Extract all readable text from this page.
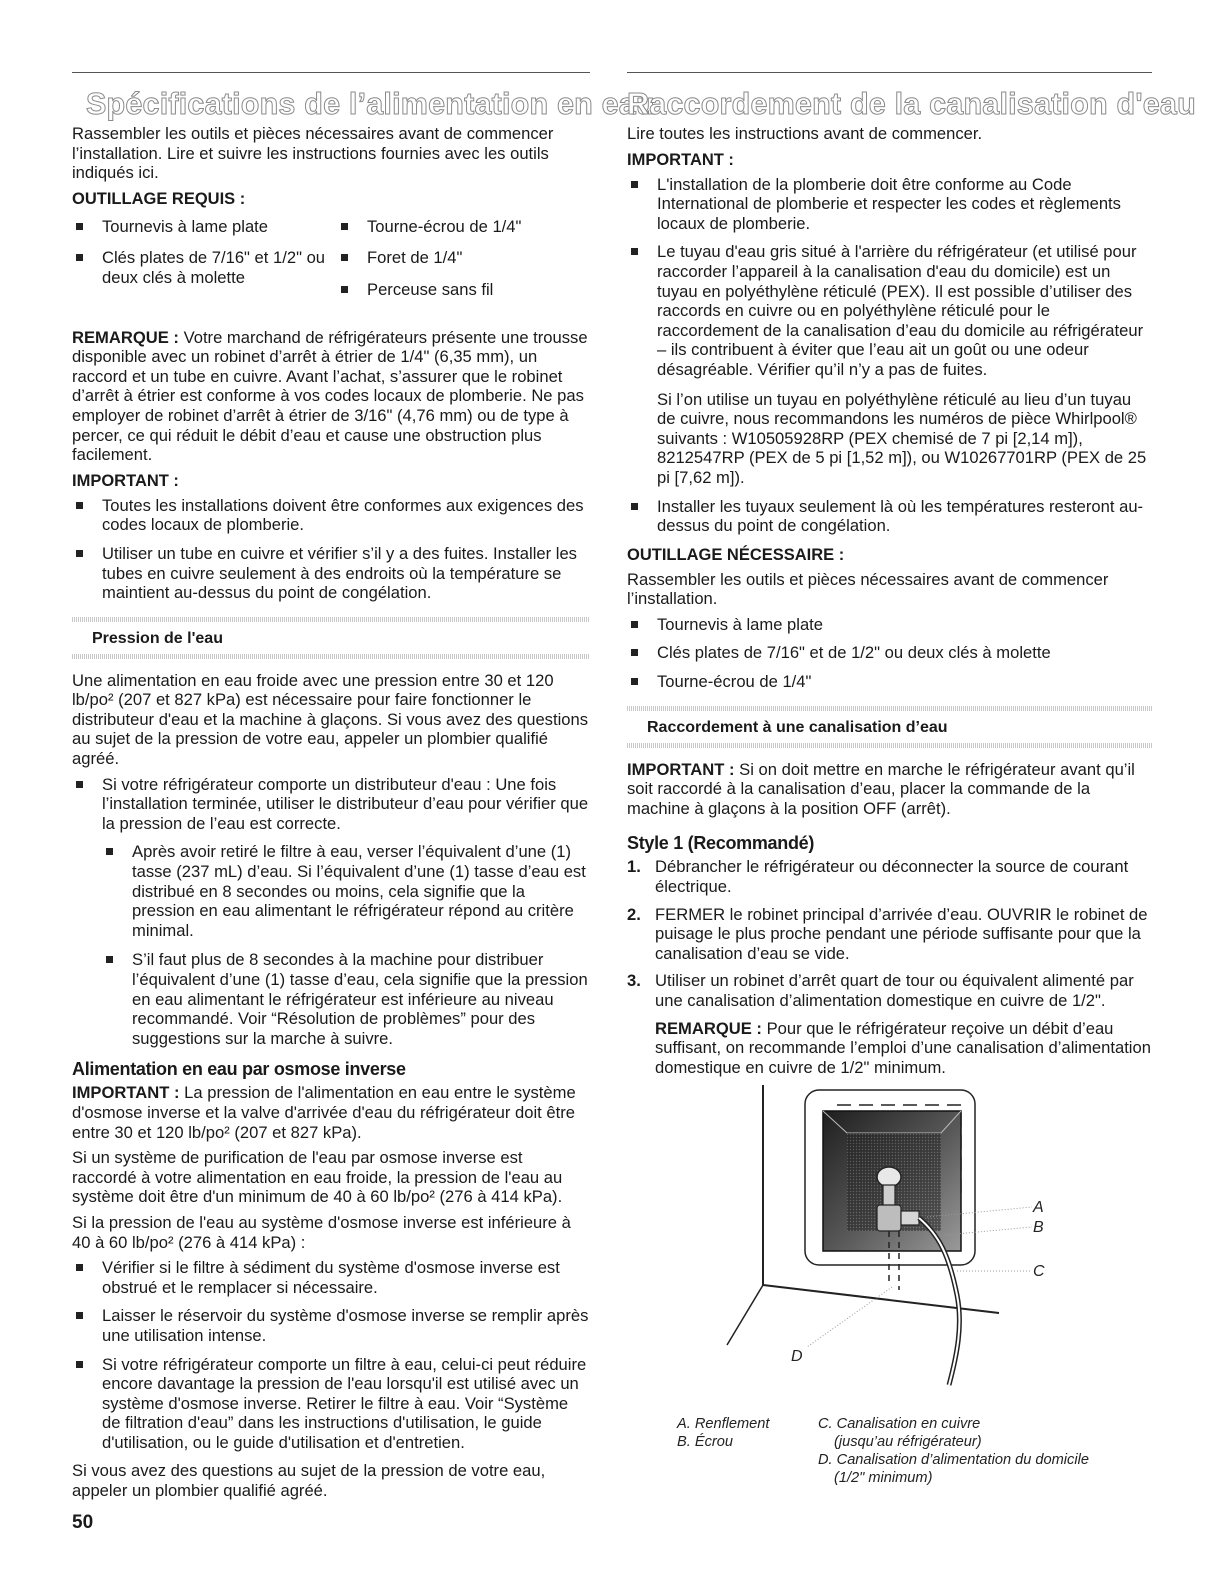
Spécifications de l’alimentation en eau

Rassembler les outils et pièces nécessaires avant de commencer l’installation. Lire et suivre les instructions fournies avec les outils indiqués ici.

OUTILLAGE REQUIS :
Tournevis à lame plate
Clés plates de 7/16" et 1/2" ou deux clés à molette
Tourne-écrou de 1/4"
Foret de 1/4"
Perceuse sans fil

REMARQUE : Votre marchand de réfrigérateurs présente une trousse disponible avec un robinet d’arrêt à étrier de 1/4" (6,35 mm), un raccord et un tube en cuivre. Avant l’achat, s’assurer que le robinet d’arrêt à étrier est conforme à vos codes locaux de plomberie. Ne pas employer de robinet d’arrêt à étrier de 3/16" (4,76 mm) ou de type à percer, ce qui réduit le débit d’eau et cause une obstruction plus facilement.

IMPORTANT :
Toutes les installations doivent être conformes aux exigences des codes locaux de plomberie.
Utiliser un tube en cuivre et vérifier s’il y a des fuites. Installer les tubes en cuivre seulement à des endroits où la température se maintient au-dessus du point de congélation.
Pression de l'eau

Une alimentation en eau froide avec une pression entre 30 et 120 lb/po² (207 et 827 kPa) est nécessaire pour faire fonctionner le distributeur d'eau et la machine à glaçons. Si vous avez des questions au sujet de la pression de votre eau, appeler un plombier qualifié agréé.

Si votre réfrigérateur comporte un distributeur d'eau : Une fois l’installation terminée, utiliser le distributeur d’eau pour vérifier que la pression de l’eau est correcte.
Après avoir retiré le filtre à eau, verser l’équivalent d’une (1) tasse (237 mL) d’eau. Si l’équivalent d’une (1) tasse d’eau est distribué en 8 secondes ou moins, cela signifie que la pression en eau alimentant le réfrigérateur répond au critère minimal.
S’il faut plus de 8 secondes à la machine pour distribuer l’équivalent d’une (1) tasse d’eau, cela signifie que la pression en eau alimentant le réfrigérateur est inférieure au niveau recommandé. Voir “Résolution de problèmes” pour des suggestions sur la marche à suivre.
Alimentation en eau par osmose inverse

IMPORTANT : La pression de l'alimentation en eau entre le système d'osmose inverse et la valve d'arrivée d'eau du réfrigérateur doit être entre 30 et 120 lb/po² (207 et 827 kPa).

Si un système de purification de l'eau par osmose inverse est raccordé à votre alimentation en eau froide, la pression de l'eau au système doit être d'un minimum de 40 à 60 lb/po² (276 à 414 kPa).

Si la pression de l'eau au système d'osmose inverse est inférieure à 40 à 60 lb/po² (276 à 414 kPa) :

Vérifier si le filtre à sédiment du système d'osmose inverse est obstrué et le remplacer si nécessaire.
Laisser le réservoir du système d'osmose inverse se remplir après une utilisation intense.
Si votre réfrigérateur comporte un filtre à eau, celui-ci peut réduire encore davantage la pression de l'eau lorsqu'il est utilisé avec un système d'osmose inverse. Retirer le filtre à eau. Voir “Système de filtration d'eau” dans les instructions d'utilisation, le guide d'utilisation, ou le guide d'utilisation et d'entretien.

Si vous avez des questions au sujet de la pression de votre eau, appeler un plombier qualifié agréé.

Raccordement de la canalisation d'eau

Lire toutes les instructions avant de commencer.

IMPORTANT :
L'installation de la plomberie doit être conforme au Code International de plomberie et respecter les codes et règlements locaux de plomberie.
Le tuyau d'eau gris situé à l'arrière du réfrigérateur (et utilisé pour raccorder l’appareil à la canalisation d'eau du domicile) est un tuyau en polyéthylène réticulé (PEX). Il est possible d’utiliser des raccords en cuivre ou en polyéthylène réticulé pour le raccordement de la canalisation d’eau du domicile au réfrigérateur – ils contribuent à éviter que l’eau ait un goût ou une odeur désagréable. Vérifier qu’il n’y a pas de fuites.

Si l’on utilise un tuyau en polyéthylène réticulé au lieu d’un tuyau de cuivre, nous recommandons les numéros de pièce Whirlpool® suivants : W10505928RP (PEX chemisé de 7 pi [2,14 m]), 8212547RP (PEX de 5 pi [1,52 m]), ou W10267701RP (PEX de 25 pi [7,62 m]).

Installer les tuyaux seulement là où les températures resteront au-dessus du point de congélation.
OUTILLAGE NÉCESSAIRE :

Rassembler les outils et pièces nécessaires avant de commencer l’installation.

Tournevis à lame plate
Clés plates de 7/16" et de 1/2" ou deux clés à molette
Tourne-écrou de 1/4"
Raccordement à une canalisation d’eau

IMPORTANT : Si on doit mettre en marche le réfrigérateur avant qu’il soit raccordé à la canalisation d’eau, placer la commande de la machine à glaçons à la position OFF (arrêt).

Style 1 (Recommandé)
1. Débrancher le réfrigérateur ou déconnecter la source de courant électrique.
2. FERMER le robinet principal d’arrivée d’eau. OUVRIR le robinet de puisage le plus proche pendant une période suffisante pour que la canalisation d’eau se vide.
3. Utiliser un robinet d’arrêt quart de tour ou équivalent alimenté par une canalisation d’alimentation domestique en cuivre de 1/2".

REMARQUE : Pour que le réfrigérateur reçoive un débit d’eau suffisant, on recommande l’emploi d’une canalisation d’alimentation domestique en cuivre de 1/2" minimum.

A
B
C
D
A. Renflement
B. Écrou
C. Canalisation en cuivre
(jusqu’au réfrigérateur)
D. Canalisation d’alimentation du domicile
(1/2" minimum)
50
